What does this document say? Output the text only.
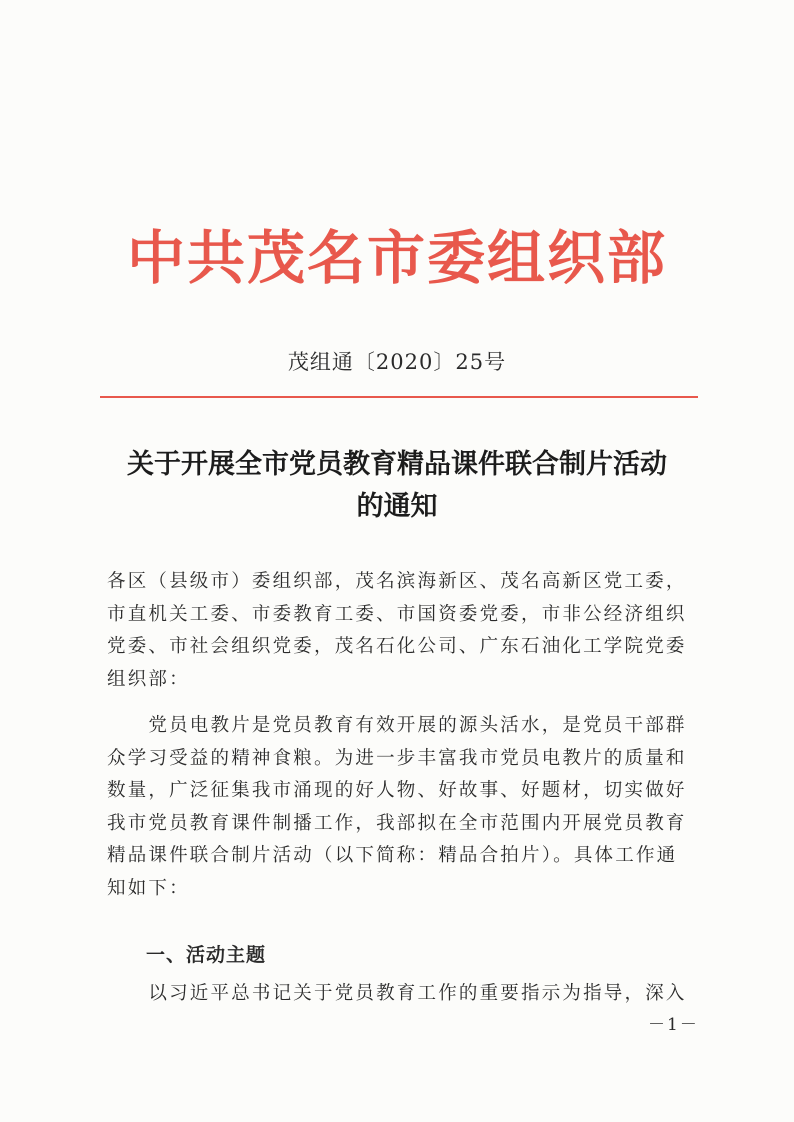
中共茂名市委组织部
茂组通〔2020〕25号
关于开展全市党员教育精品课件联合制片活动
的通知
各区（县级市）委组织部，茂名滨海新区、茂名高新区党工委，
市直机关工委、市委教育工委、市国资委党委，市非公经济组织
党委、市社会组织党委，茂名石化公司、广东石油化工学院党委
组织部：
　　党员电教片是党员教育有效开展的源头活水，是党员干部群
众学习受益的精神食粮。为进一步丰富我市党员电教片的质量和
数量，广泛征集我市涌现的好人物、好故事、好题材，切实做好
我市党员教育课件制播工作，我部拟在全市范围内开展党员教育
精品课件联合制片活动（以下简称：精品合拍片）。具体工作通
知如下：
一、活动主题
　　以习近平总书记关于党员教育工作的重要指示为指导，深入
－1－
